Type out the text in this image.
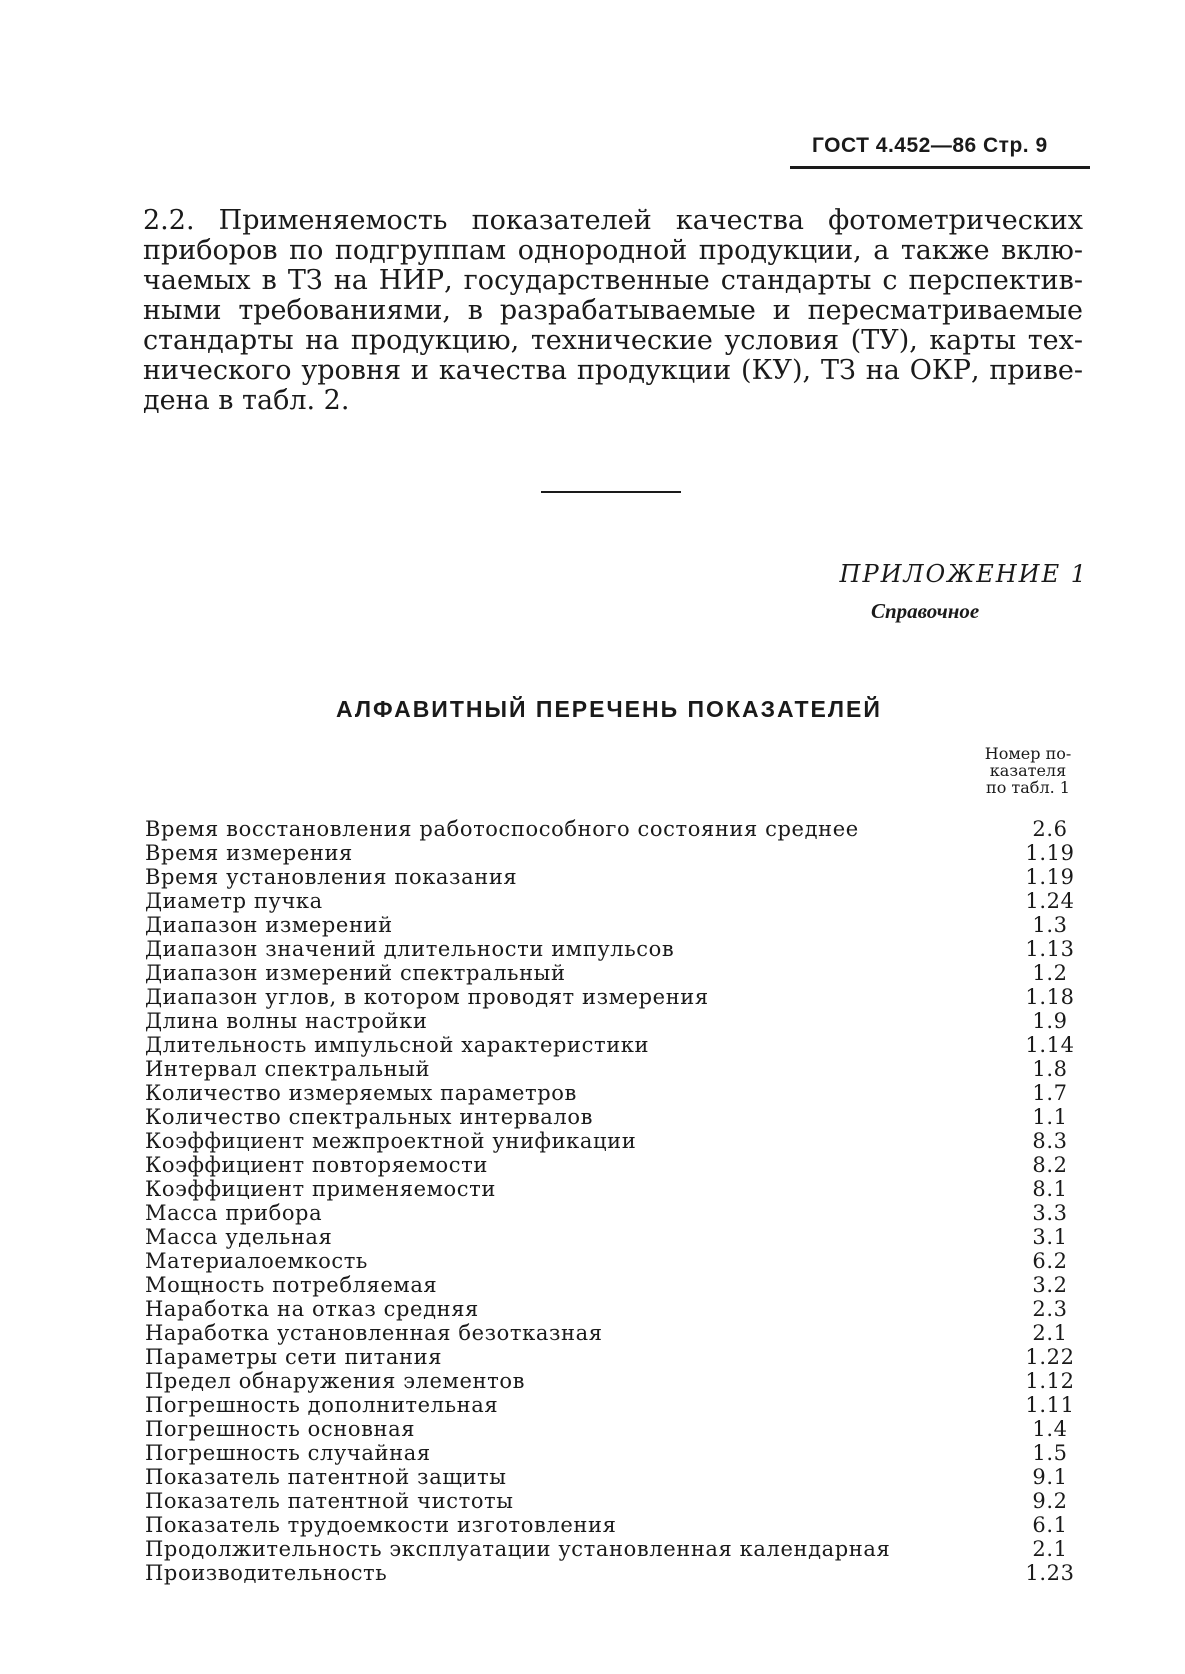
ГОСТ 4.452—86 Стр. 9
2.2. Применяемость показателей качества фотометрических
приборов по подгруппам однородной продукции, а также вклю-
чаемых в ТЗ на НИР, государственные стандарты с перспектив-
ными требованиями, в разрабатываемые и пересматриваемые
стандарты на продукцию, технические условия (ТУ), карты тех-
нического уровня и качества продукции (КУ), ТЗ на ОКР, приве-
дена в табл. 2.
ПРИЛОЖЕНИЕ 1
Справочное
АЛФАВИТНЫЙ ПЕРЕЧЕНЬ ПОКАЗАТЕЛЕЙ
Номер по-
казателя
по табл. 1
Время восстановления работоспособного состояния среднее	2.6
Время измерения	1.19
Время установления показания	1.19
Диаметр пучка	1.24
Диапазон измерений	1.3
Диапазон значений длительности импульсов	1.13
Диапазон измерений спектральный	1.2
Диапазон углов, в котором проводят измерения	1.18
Длина волны настройки	1.9
Длительность импульсной характеристики	1.14
Интервал спектральный	1.8
Количество измеряемых параметров	1.7
Количество спектральных интервалов	1.1
Коэффициент межпроектной унификации	8.3
Коэффициент повторяемости	8.2
Коэффициент применяемости	8.1
Масса прибора	3.3
Масса удельная	3.1
Материалоемкость	6.2
Мощность потребляемая	3.2
Наработка на отказ средняя	2.3
Наработка установленная безотказная	2.1
Параметры сети питания	1.22
Предел обнаружения элементов	1.12
Погрешность дополнительная	1.11
Погрешность основная	1.4
Погрешность случайная	1.5
Показатель патентной защиты	9.1
Показатель патентной чистоты	9.2
Показатель трудоемкости изготовления	6.1
Продолжительность эксплуатации установленная календарная	2.1
Производительность	1.23
